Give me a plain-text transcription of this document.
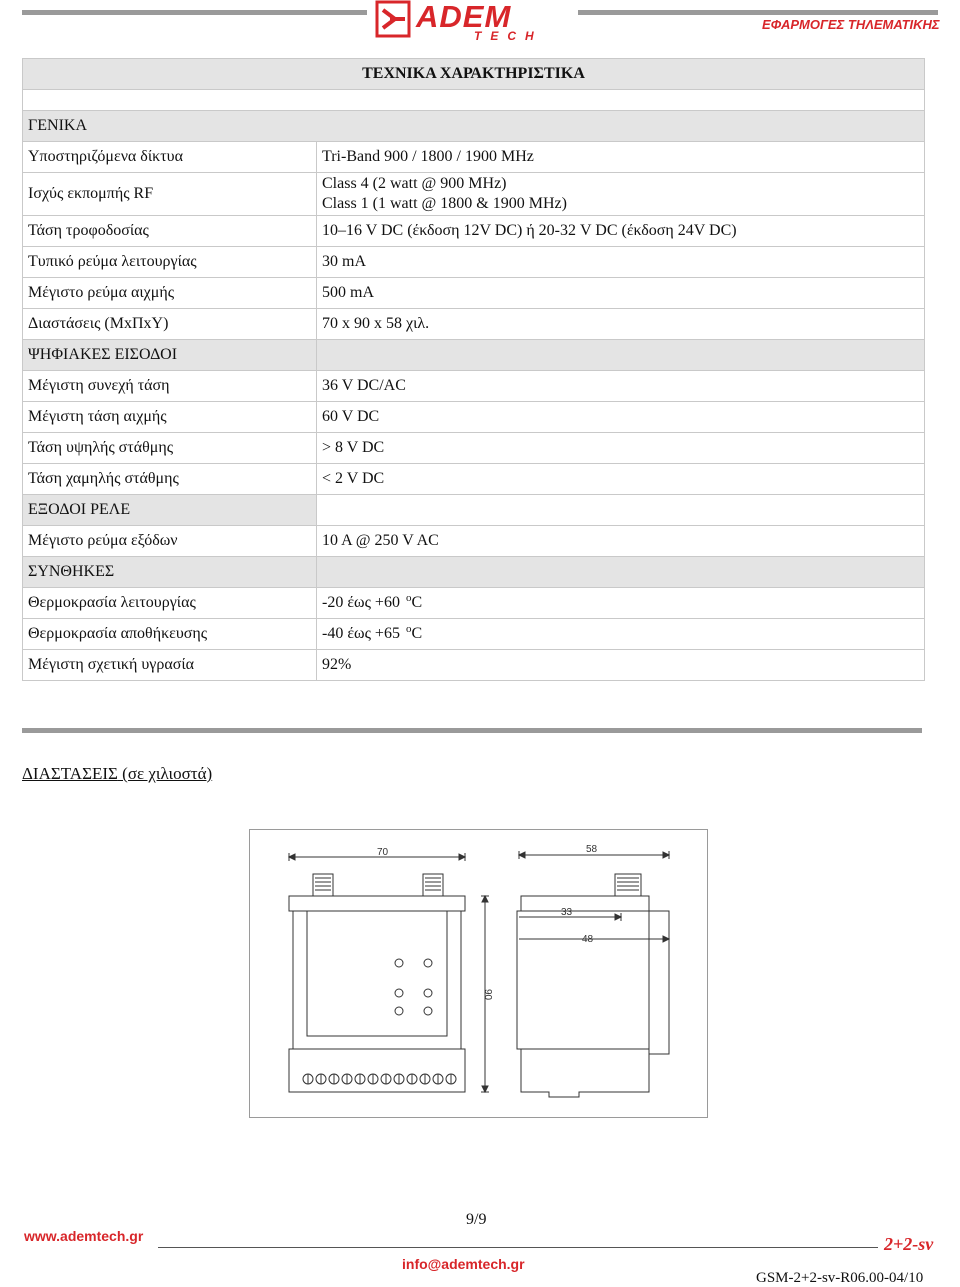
ADEM
TECH
ΕΦΑΡΜΟΓΕΣ ΤΗΛΕΜΑΤΙΚΗΣ
ΤΕΧΝΙΚΑ ΧΑΡΑΚΤΗΡΙΣΤΙΚΑ	

ΓΕΝΙΚΑ	
Υποστηριζόμενα δίκτυα	Tri-Band 900 / 1800 / 1900 MHz
Ισχύς εκπομπής RF	Class 4 (2 watt @ 900 MHz)
Class 1 (1 watt @ 1800 & 1900 MHz)

Τάση τροφοδοσίας	10–16 V DC (έκδοση 12V DC) ή 20-32 V DC (έκδοση 24V DC)
Τυπικό ρεύμα λειτουργίας	30 mA
Μέγιστο ρεύμα αιχμής	500 mA
Διαστάσεις (ΜxΠxΥ)	70 x 90 x 58 χιλ.
ΨΗΦΙΑΚΕΣ ΕΙΣΟΔΟΙ	
Μέγιστη συνεχή τάση	36 V DC/AC
Μέγιστη τάση αιχμής	60 V DC
Τάση υψηλής στάθμης	> 8 V DC
Τάση χαμηλής στάθμης	< 2 V DC
ΕΞΟΔΟΙ ΡΕΛΕ	
Μέγιστο ρεύμα εξόδων	10 A @ 250 V AC
ΣΥΝΘΗΚΕΣ	
Θερμοκρασία λειτουργίας	-20 έως +60 $^o$C
Θερμοκρασία αποθήκευσης	-40 έως +65 $^o$C
Μέγιστη σχετική υγρασία	92%
ΔΙΑΣΤΑΣΕΙΣ (σε χιλιοστά)
70
90
58
33
48
9/9
www.ademtech.gr
info@ademtech.gr
2+2-sv
GSM-2+2-sv-R06.00-04/10
